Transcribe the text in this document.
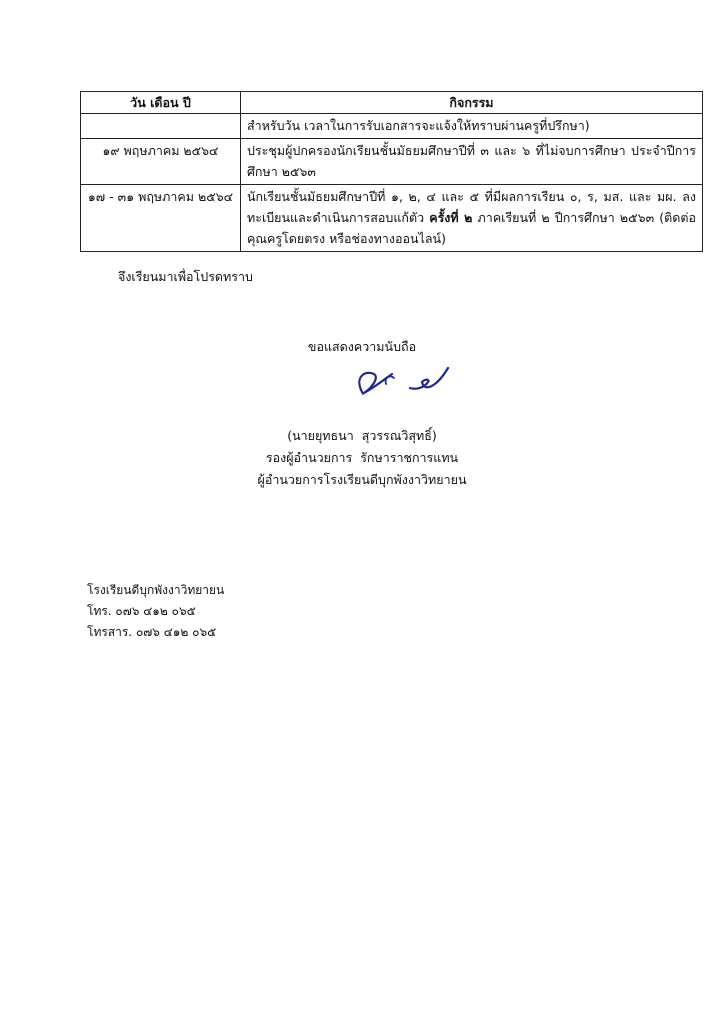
วัน เดือน ปี	กิจกรรม
	สำหรับวัน เวลาในการรับเอกสารจะแจ้งให้ทราบผ่านครูที่ปรึกษา)
๑๙ พฤษภาคม ๒๕๖๔	ประชุมผู้ปกครองนักเรียนชั้นมัธยมศึกษาปีที่ ๓ และ ๖ ที่ไม่จบการศึกษา ประจำปีการศึกษา ๒๕๖๓
๑๗ - ๓๑ พฤษภาคม ๒๕๖๔	นักเรียนชั้นมัธยมศึกษาปีที่ ๑, ๒, ๔ และ ๕ ที่มีผลการเรียน ๐, ร, มส. และ มผ. ลงทะเบียนและดำเนินการสอบแก้ตัว ครั้งที่ ๒ ภาคเรียนที่ ๒ ปีการศึกษา ๒๕๖๓ (ติดต่อคุณครูโดยตรง หรือช่องทางออนไลน์)
จึงเรียนมาเพื่อโปรดทราบ
ขอแสดงความนับถือ
(นายยุทธนา  สุวรรณวิสุทธิ์)
รองผู้อำนวยการ  รักษาราชการแทน
ผู้อำนวยการโรงเรียนดีบุกพังงาวิทยายน
โรงเรียนดีบุกพังงาวิทยายน
โทร. ๐๗๖ ๔๑๒ ๐๖๕
โทรสาร. ๐๗๖ ๔๑๒ ๐๖๕
